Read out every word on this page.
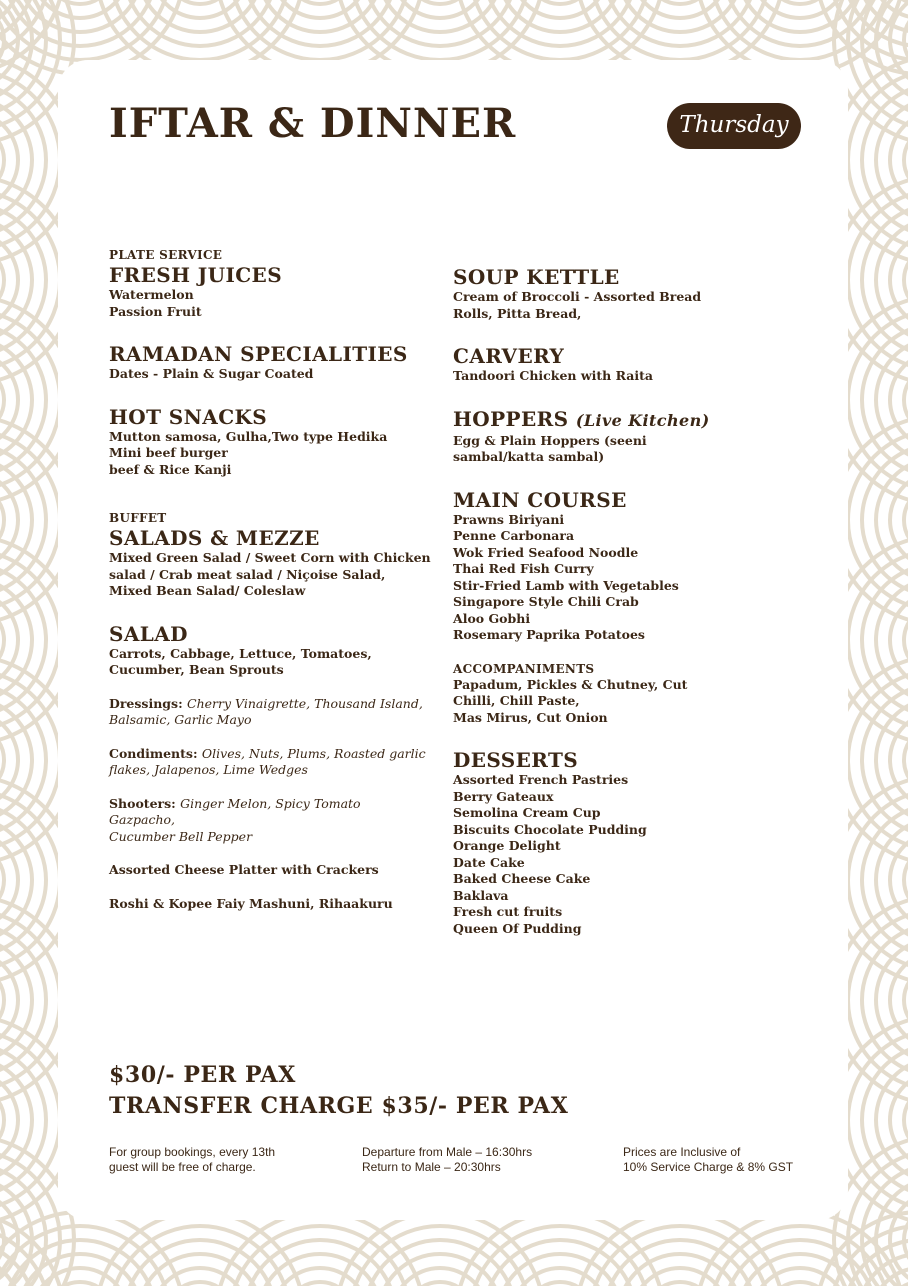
IFTAR & DINNER	Thursday
PLATE SERVICE
FRESH JUICES
Watermelon
Passion Fruit
RAMADAN SPECIALITIES
Dates - Plain & Sugar Coated
HOT SNACKS
Mutton samosa, Gulha,Two type Hedika
Mini beef burger
beef & Rice Kanji
BUFFET
SALADS & MEZZE
Mixed Green Salad / Sweet Corn with Chicken
salad / Crab meat salad / Niçoise Salad,
Mixed Bean Salad/ Coleslaw
SALAD
Carrots, Cabbage, Lettuce, Tomatoes,
Cucumber, Bean Sprouts
Dressings: Cherry Vinaigrette, Thousand Island,
Balsamic, Garlic Mayo
Condiments: Olives, Nuts, Plums, Roasted garlic
flakes, Jalapenos, Lime Wedges
Shooters: Ginger Melon, Spicy Tomato Gazpacho,
Cucumber Bell Pepper
Assorted Cheese Platter with Crackers
Roshi & Kopee Faiy Mashuni, Rihaakuru
SOUP KETTLE
Cream of Broccoli - Assorted Bread
Rolls, Pitta Bread,
CARVERY
Tandoori Chicken with Raita
HOPPERS (Live Kitchen)
Egg & Plain Hoppers (seeni
sambal/katta sambal)
MAIN COURSE
Prawns Biriyani
Penne Carbonara
Wok Fried Seafood Noodle
Thai Red Fish Curry
Stir-Fried Lamb with Vegetables
Singapore Style Chili Crab
Aloo Gobhi
Rosemary Paprika Potatoes
ACCOMPANIMENTS
Papadum, Pickles & Chutney, Cut
Chilli, Chill Paste,
Mas Mirus, Cut Onion
DESSERTS
Assorted French Pastries
Berry Gateaux
Semolina Cream Cup
Biscuits Chocolate Pudding
Orange Delight
Date Cake
Baked Cheese Cake
Baklava
Fresh cut fruits
Queen Of Pudding
$30/- PER PAX
TRANSFER CHARGE $35/- PER PAX
For group bookings, every 13th
guest will be free of charge.
Departure from Male – 16:30hrs
Return to Male – 20:30hrs
Prices are Inclusive of
10% Service Charge & 8% GST
